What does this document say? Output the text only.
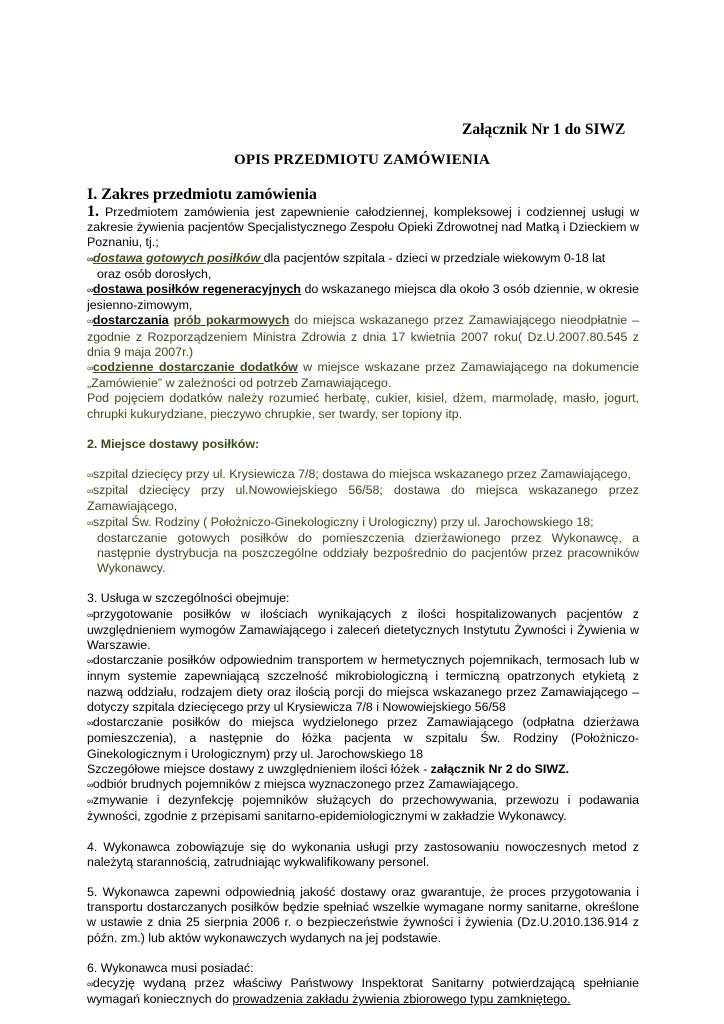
Załącznik Nr 1 do SIWZ
OPIS PRZEDMIOTU ZAMÓWIENIA
I. Zakres przedmiotu zamówienia

1. Przedmiotem zamówienia jest zapewnienie całodziennej, kompleksowej i codziennej usługi w zakresie żywienia pacjentów Specjalistycznego Zespołu Opieki Zdrowotnej nad Matką i Dzieckiem w Poznaniu, tj.;

∞dostawa gotowych posiłków dla pacjentów szpitala - dzieci w przedziale wiekowym 0-18 lat
oraz osób dorosłych,

∞dostawa posiłków regeneracyjnych do wskazanego miejsca dla około 3 osób dziennie, w okresie jesienno-zimowym,

∞dostarczania prób pokarmowych do miejsca wskazanego przez Zamawiającego nieodpłatnie – zgodnie z Rozporządzeniem Ministra Zdrowia z dnia 17 kwietnia 2007 roku( Dz.U.2007.80.545 z dnia 9 maja 2007r.)

∞codzienne dostarczanie dodatków w miejsce wskazane przez Zamawiającego na dokumencie „Zamówienie” w zależności od potrzeb Zamawiającego.

Pod pojęciem dodatków należy rozumieć herbatę, cukier, kisiel, dżem, marmoladę, masło, jogurt, chrupki kukurydziane, pieczywo chrupkie, ser twardy, ser topiony itp.

2. Miejsce dostawy posiłków:

∞szpital dziecięcy przy ul. Krysiewicza 7/8; dostawa do miejsca wskazanego przez Zamawiającego,

∞szpital dziecięcy przy ul.Nowowiejskiego 56/58; dostawa do miejsca wskazanego przez Zamawiającego,

∞szpital Św. Rodziny ( Położniczo-Ginekologiczny i Urologiczny) przy ul. Jarochowskiego 18;

dostarczanie gotowych posiłków do pomieszczenia dzierżawionego przez Wykonawcę, a następnie dystrybucja na poszczególne oddziały bezpośrednio do pacjentów przez pracowników Wykonawcy.

3. Usługa w szczególności obejmuje:

∞przygotowanie posiłków w ilościach wynikających z ilości hospitalizowanych pacjentów z uwzględnieniem wymogów Zamawiającego i zaleceń dietetycznych Instytutu Żywności i Żywienia w Warszawie.

∞dostarczanie posiłków odpowiednim transportem w hermetycznych pojemnikach, termosach lub w innym systemie zapewniającą szczelność mikrobiologiczną i termiczną opatrzonych etykietą z nazwą oddziału, rodzajem diety oraz ilością porcji do miejsca wskazanego przez Zamawiającego – dotyczy szpitala dziecięcego przy ul Krysiewicza 7/8 i Nowowiejskiego 56/58

∞dostarczanie posiłków do miejsca wydzielonego przez Zamawiającego (odpłatna dzierżawa pomieszczenia), a następnie do łóżka pacjenta w szpitalu Św. Rodziny (Położniczo-Ginekologicznym i Urologicznym) przy ul. Jarochowskiego 18

Szczegółowe miejsce dostawy z uwzględnieniem ilości łóżek - załącznik Nr 2 do SIWZ.

∞odbiór brudnych pojemników z miejsca wyznaczonego przez Zamawiającego.

∞zmywanie i dezynfekcję pojemników służących do przechowywania, przewozu i podawania żywności, zgodnie z przepisami sanitarno-epidemiologicznymi w zakładzie Wykonawcy.

4. Wykonawca zobowiązuje się do wykonania usługi przy zastosowaniu nowoczesnych metod z należytą starannością, zatrudniając wykwalifikowany personel.

5. Wykonawca zapewni odpowiednią jakość dostawy oraz gwarantuje, że proces przygotowania i transportu dostarczanych posiłków będzie spełniać wszelkie wymagane normy sanitarne, określone w ustawie z dnia 25 sierpnia 2006 r. o bezpieczeństwie żywności i żywienia (Dz.U.2010.136.914 z późn. zm.) lub aktów wykonawczych wydanych na jej podstawie.

6. Wykonawca musi posiadać:

∞decyzję wydaną przez właściwy Państwowy Inspektorat Sanitarny potwierdzającą spełnianie wymagań koniecznych do prowadzenia zakładu żywienia zbiorowego typu zamkniętego.
